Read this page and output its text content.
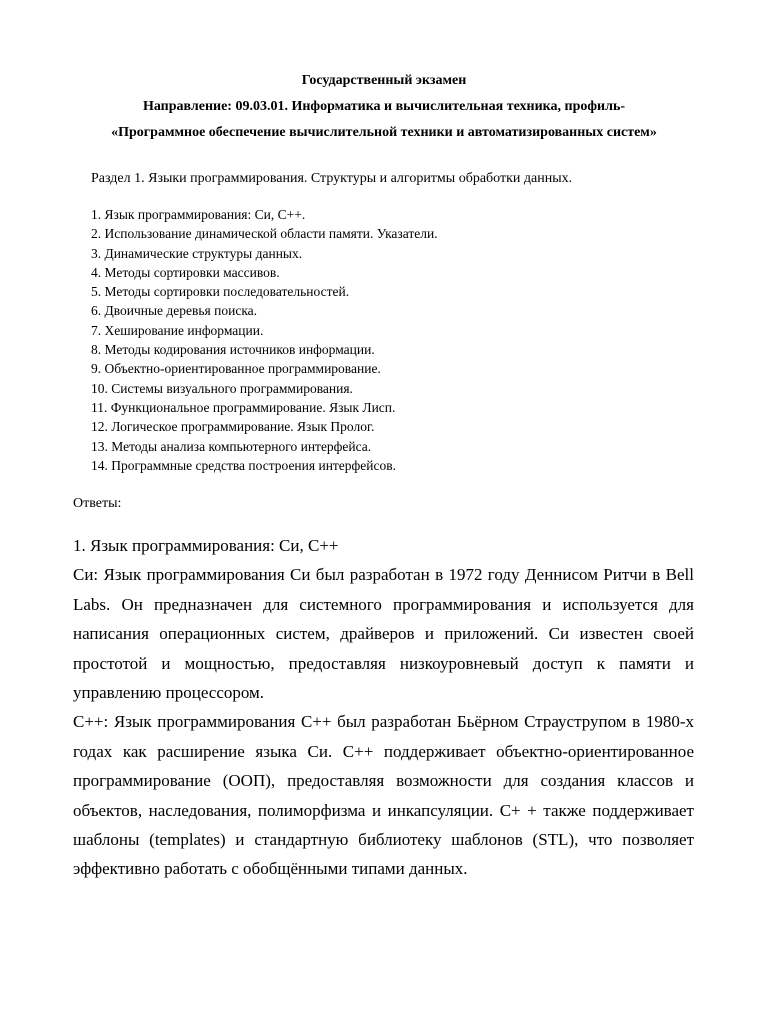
Государственный экзамен
Направление: 09.03.01. Информатика и вычислительная техника, профиль-
«Программное обеспечение вычислительной техники и автоматизированных систем»
Раздел 1. Языки программирования. Структуры и алгоритмы обработки данных.
1. Язык программирования: Си, С++.
2. Использование динамической области памяти. Указатели.
3. Динамические структуры данных.
4. Методы сортировки массивов.
5. Методы сортировки последовательностей.
6. Двоичные деревья поиска.
7. Хеширование информации.
8. Методы кодирования источников информации.
9. Объектно-ориентированное программирование.
10. Системы визуального программирования.
11. Функциональное программирование. Язык Лисп.
12. Логическое программирование. Язык Пролог.
13. Методы анализа компьютерного интерфейса.
14. Программные средства построения интерфейсов.
Ответы:
1. Язык программирования: Си, С++

Си: Язык программирования Си был разработан в 1972 году Деннисом Ритчи в Bell Labs. Он предназначен для системного программирования и используется для написания операционных систем, драйверов и приложений. Си известен своей простотой и мощностью, предоставляя низкоуровневый доступ к памяти и управлению процессором.

C++: Язык программирования C++ был разработан Бьёрном Страуструпом в 1980-х годах как расширение языка Си. C++ поддерживает объектно-ориентированное программирование (ООП), предоставляя возможности для создания классов и объектов, наследования, полиморфизма и инкапсуляции. C+ + также поддерживает шаблоны (templates) и стандартную библиотеку шаблонов (STL), что позволяет эффективно работать с обобщёнными типами данных.
